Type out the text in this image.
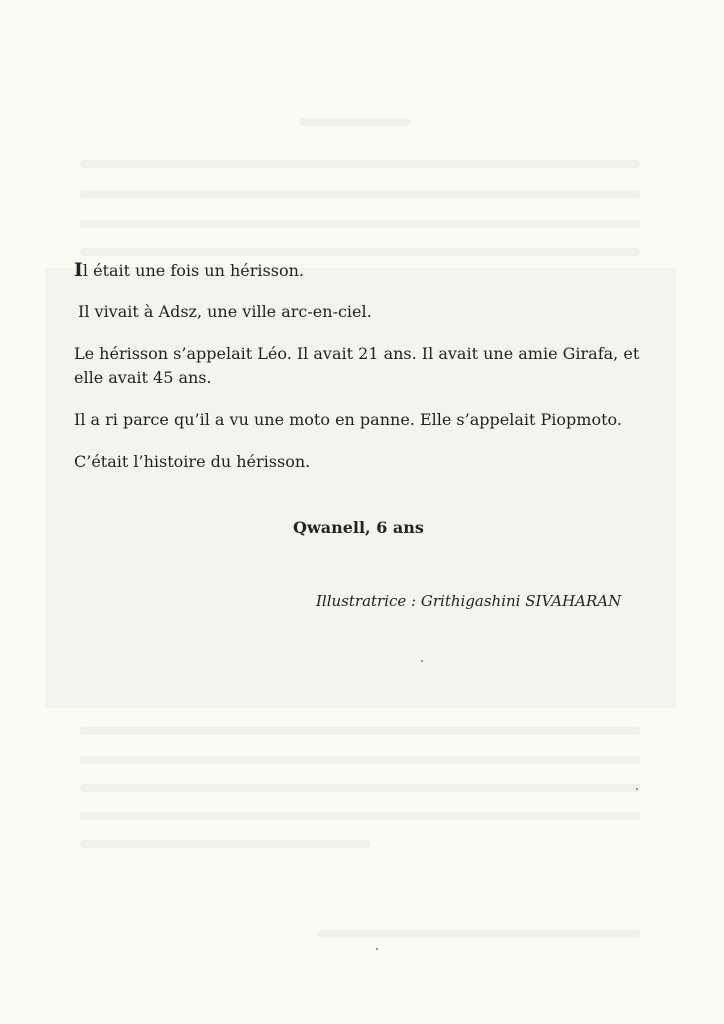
Il était une fois un hérisson.

Il vivait à Adsz, une ville arc-en-ciel.

Le hérisson s’appelait Léo. Il avait 21 ans. Il avait une amie Girafa, et elle avait 45 ans.

Il a ri parce qu’il a vu une moto en panne. Elle s’appelait Piopmoto.

C’était l’histoire du hérisson.

Qwanell, 6 ans
Illustratrice : Grithigashini SIVAHARAN
